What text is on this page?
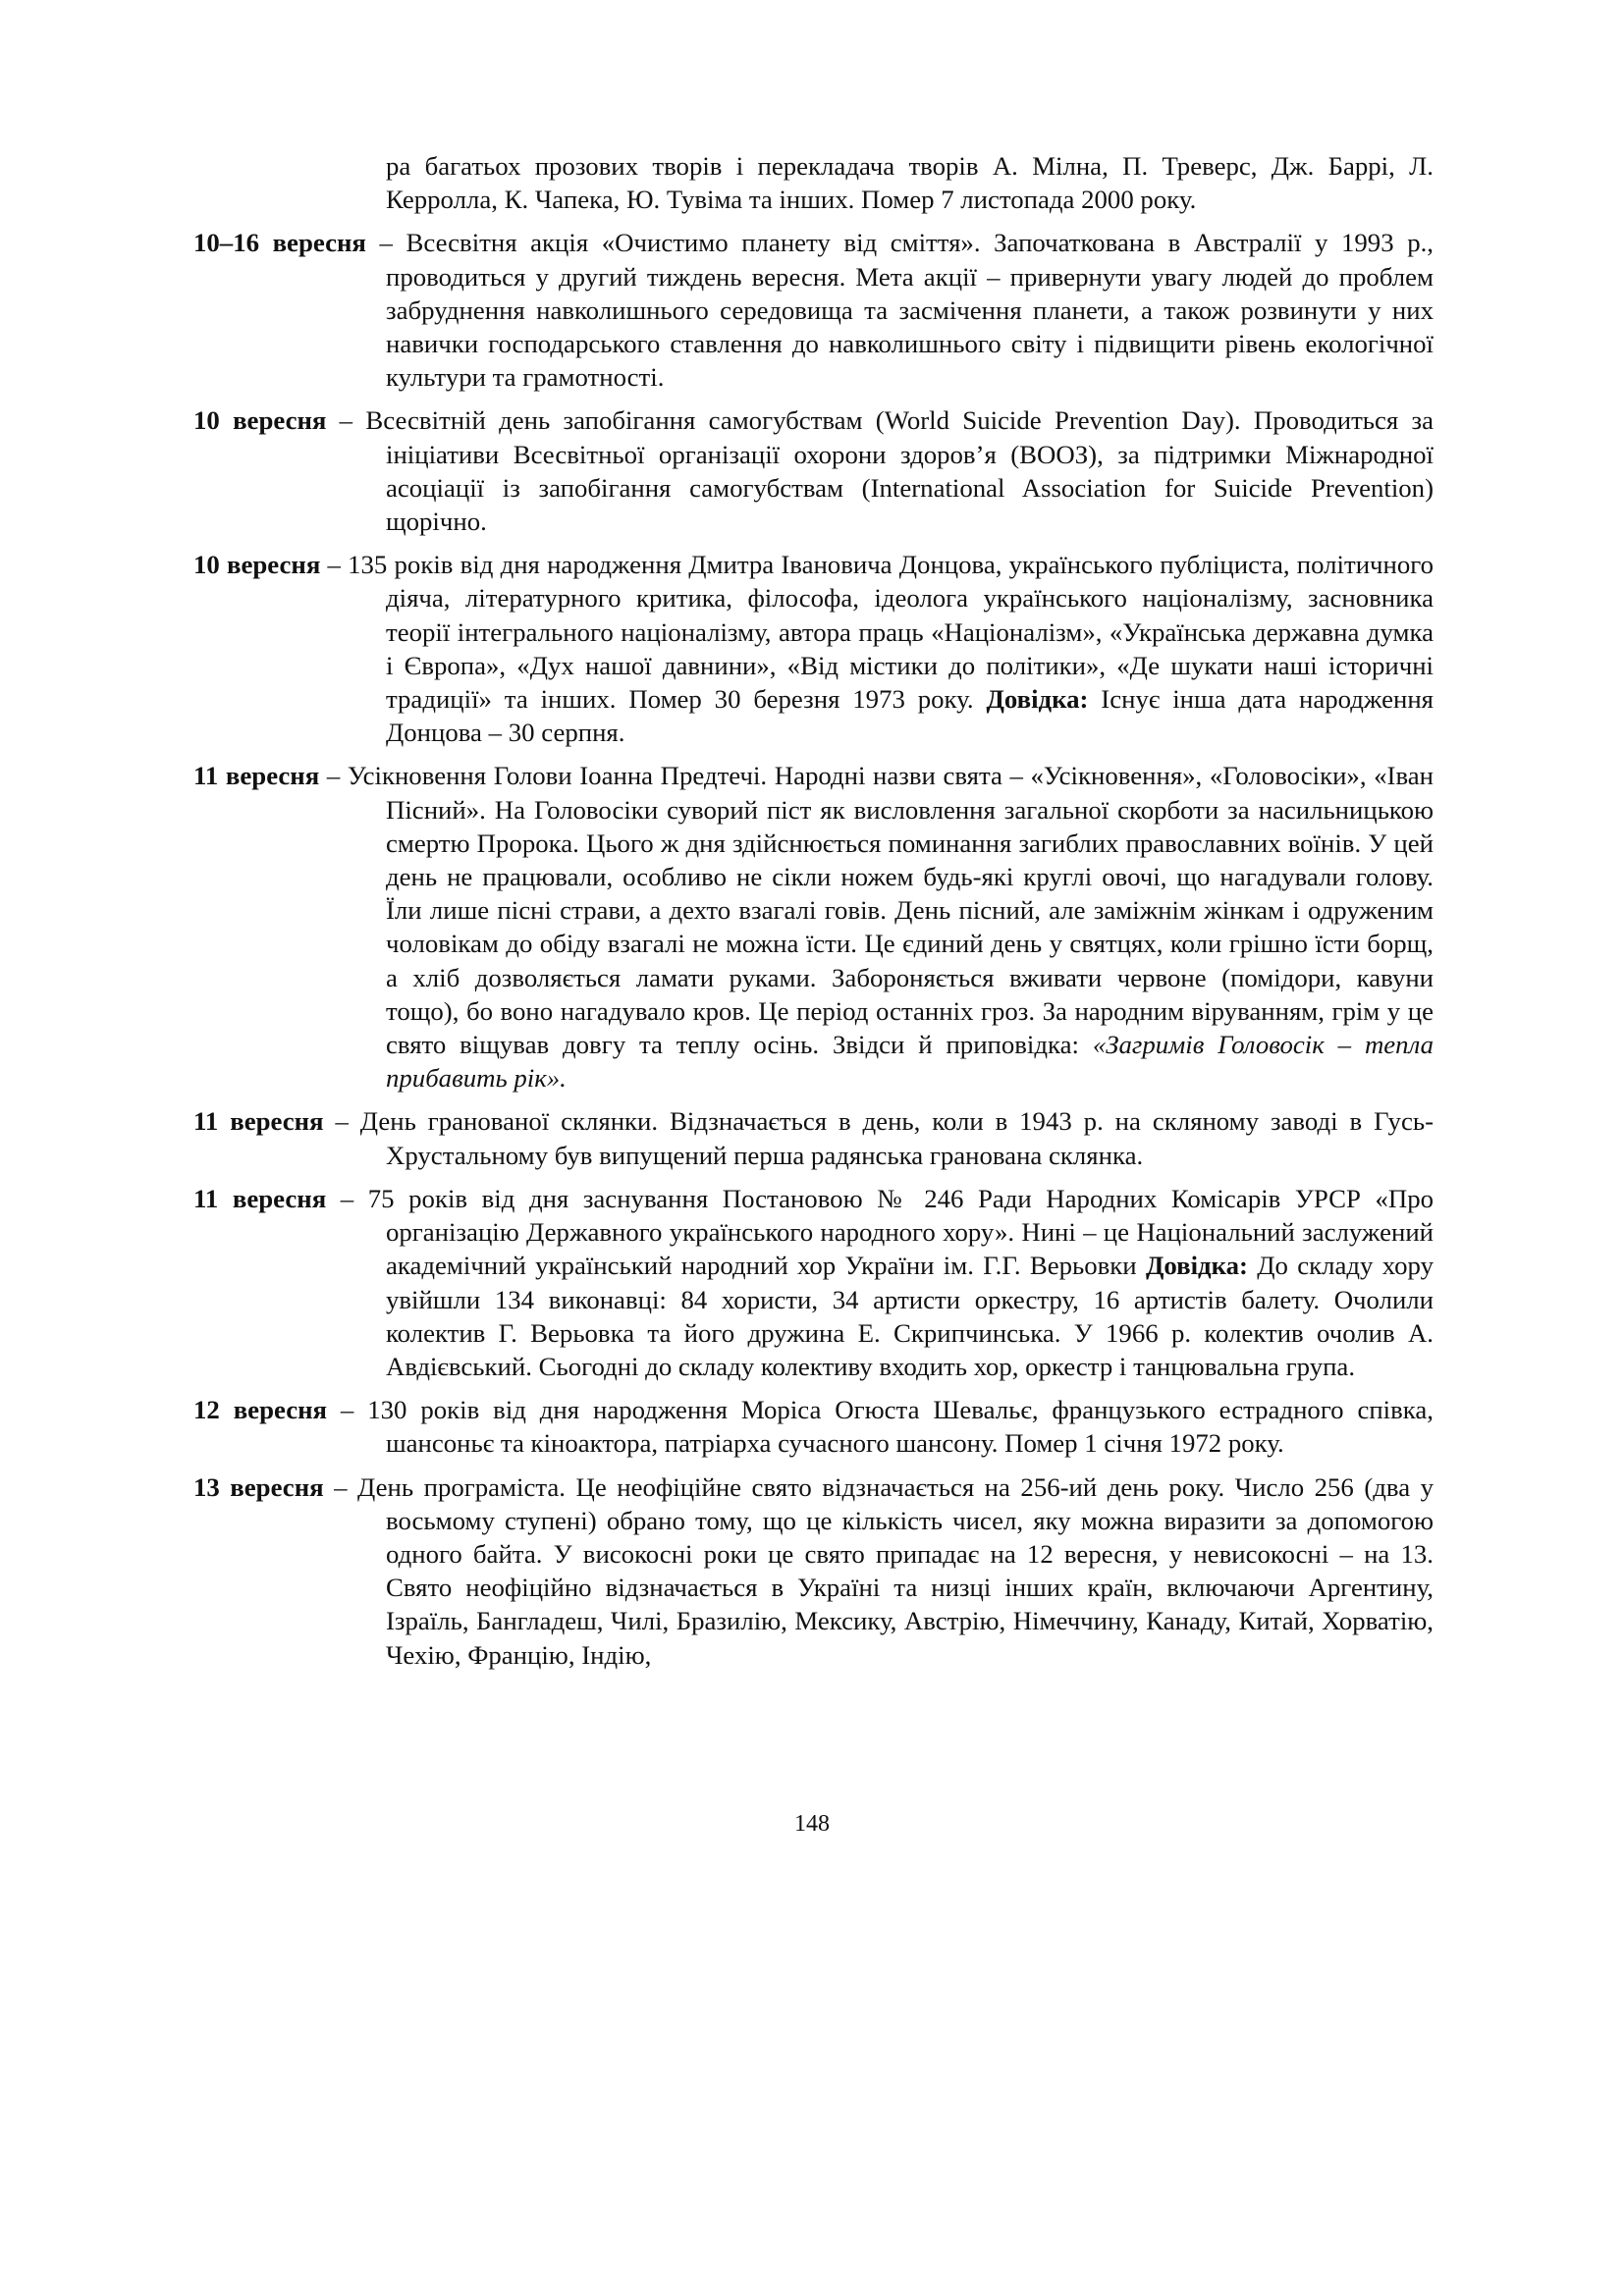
ра багатьох прозових творів і перекладача творів А. Мілна, П. Треверс, Дж. Баррі, Л. Керролла, К. Чапека, Ю. Тувіма та інших. Помер 7 листопада 2000 року.

10–16 вересня – Всесвітня акція «Очистимо планету від сміття». Започаткована в Австралії у 1993 р., проводиться у другий тиждень вересня. Мета акції – привернути увагу людей до проблем забруднення навколишнього середовища та засмічення планети, а також розвинути у них навички господарського ставлення до навколишнього світу і підвищити рівень екологічної культури та грамотності.

10 вересня – Всесвітній день запобігання самогубствам (World Suicide Prevention Day). Проводиться за ініціативи Всесвітньої організації охорони здоров’я (ВООЗ), за підтримки Міжнародної асоціації із запобігання самогубствам (International Association for Suicide Prevention) щорічно.

10 вересня – 135 років від дня народження Дмитра Івановича Донцова, українського публіциста, політичного діяча, літературного критика, філософа, ідеолога українського націоналізму, засновника теорії інтегрального націоналізму, автора праць «Націоналізм», «Українська державна думка і Європа», «Дух нашої давнини», «Від містики до політики», «Де шукати наші історичні традиції» та інших. Помер 30 березня 1973 року. Довідка: Існує інша дата народження Донцова – 30 серпня.

11 вересня – Усікновення Голови Іоанна Предтечі. Народні назви свята – «Усікновення», «Головосіки», «Іван Пісний». На Головосіки суворий піст як висловлення загальної скорботи за насильницькою смертю Пророка. Цього ж дня здійснюється поминання загиблих православних воїнів. У цей день не працювали, особливо не сікли ножем будь-які круглі овочі, що нагадували голову. Їли лише пісні страви, а дехто взагалі говів. День пісний, але заміжнім жінкам і одруженим чоловікам до обіду взагалі не можна їсти. Це єдиний день у святцях, коли грішно їсти борщ, а хліб дозволяється ламати руками. Забороняється вживати червоне (помідори, кавуни тощо), бо воно нагадувало кров. Це період останніх гроз. За народним віруванням, грім у це свято віщував довгу та теплу осінь. Звідси й приповідка: «Загримів Головосік – тепла прибавить рік».

11 вересня – День гранованої склянки. Відзначається в день, коли в 1943 р. на скляному заводі в Гусь-Хрустальному був випущений перша радянська гранована склянка.

11 вересня – 75 років від дня заснування Постановою № 246 Ради Народних Комісарів УРСР «Про організацію Державного українського народного хору». Нині – це Національний заслужений академічний український народний хор України ім. Г.Г. Верьовки Довідка: До складу хору увійшли 134 виконавці: 84 хористи, 34 артисти оркестру, 16 артистів балету. Очолили колектив Г. Верьовка та його дружина Е. Скрипчинська. У 1966 р. колектив очолив А. Авдієвський. Сьогодні до складу колективу входить хор, оркестр і танцювальна група.

12 вересня – 130 років від дня народження Моріса Огюста Шевальє, французького естрадного співка, шансоньє та кіноактора, патріарха сучасного шансону. Помер 1 січня 1972 року.

13 вересня – День програміста. Це неофіційне свято відзначається на 256-ий день року. Число 256 (два у восьмому ступені) обрано тому, що це кількість чисел, яку можна виразити за допомогою одного байта. У високосні роки це свято припадає на 12 вересня, у невисокосні – на 13. Свято неофіційно відзначається в Україні та низці інших країн, включаючи Аргентину, Ізраїль, Бангладеш, Чилі, Бразилію, Мексику, Австрію, Німеччину, Канаду, Китай, Хорватію, Чехію, Францію, Індію,

148
